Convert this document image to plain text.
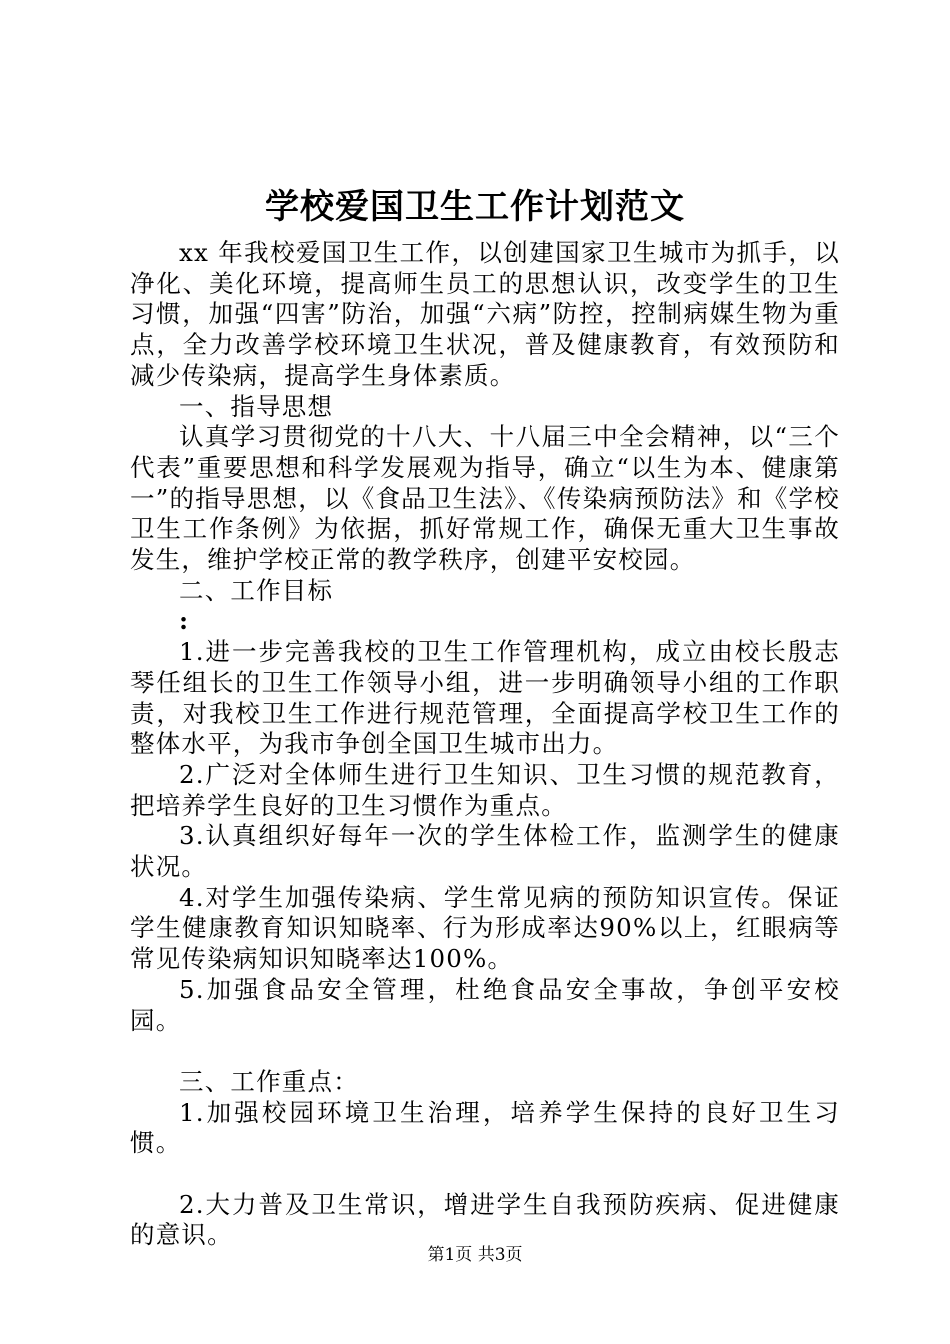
学校爱国卫生工作计划范文

xx 年我校爱国卫生工作，以创建国家卫生城市为抓手，以净化、美化环境，提高师生员工的思想认识，改变学生的卫生习惯，加强“四害”防治，加强“六病”防控，控制病媒生物为重点，全力改善学校环境卫生状况，普及健康教育，有效预防和减少传染病，提高学生身体素质。

一、指导思想

认真学习贯彻党的十八大、十八届三中全会精神，以“三个代表”重要思想和科学发展观为指导，确立“以生为本、健康第一”的指导思想，以《食品卫生法》、《传染病预防法》和《学校卫生工作条例》为依据，抓好常规工作，确保无重大卫生事故发生，维护学校正常的教学秩序，创建平安校园。

二、工作目标

:

1.进一步完善我校的卫生工作管理机构，成立由校长殷志琴任组长的卫生工作领导小组，进一步明确领导小组的工作职责，对我校卫生工作进行规范管理，全面提高学校卫生工作的整体水平，为我市争创全国卫生城市出力。

2.广泛对全体师生进行卫生知识、卫生习惯的规范教育，把培养学生良好的卫生习惯作为重点。

3.认真组织好每年一次的学生体检工作，监测学生的健康状况。

4.对学生加强传染病、学生常见病的预防知识宣传。保证学生健康教育知识知晓率、行为形成率达90%以上，红眼病等常见传染病知识知晓率达100%。

5.加强食品安全管理，杜绝食品安全事故，争创平安校园。

三、工作重点：

1.加强校园环境卫生治理，培养学生保持的良好卫生习惯。

2.大力普及卫生常识，增进学生自我预防疾病、促进健康的意识。

第1页 共3页
